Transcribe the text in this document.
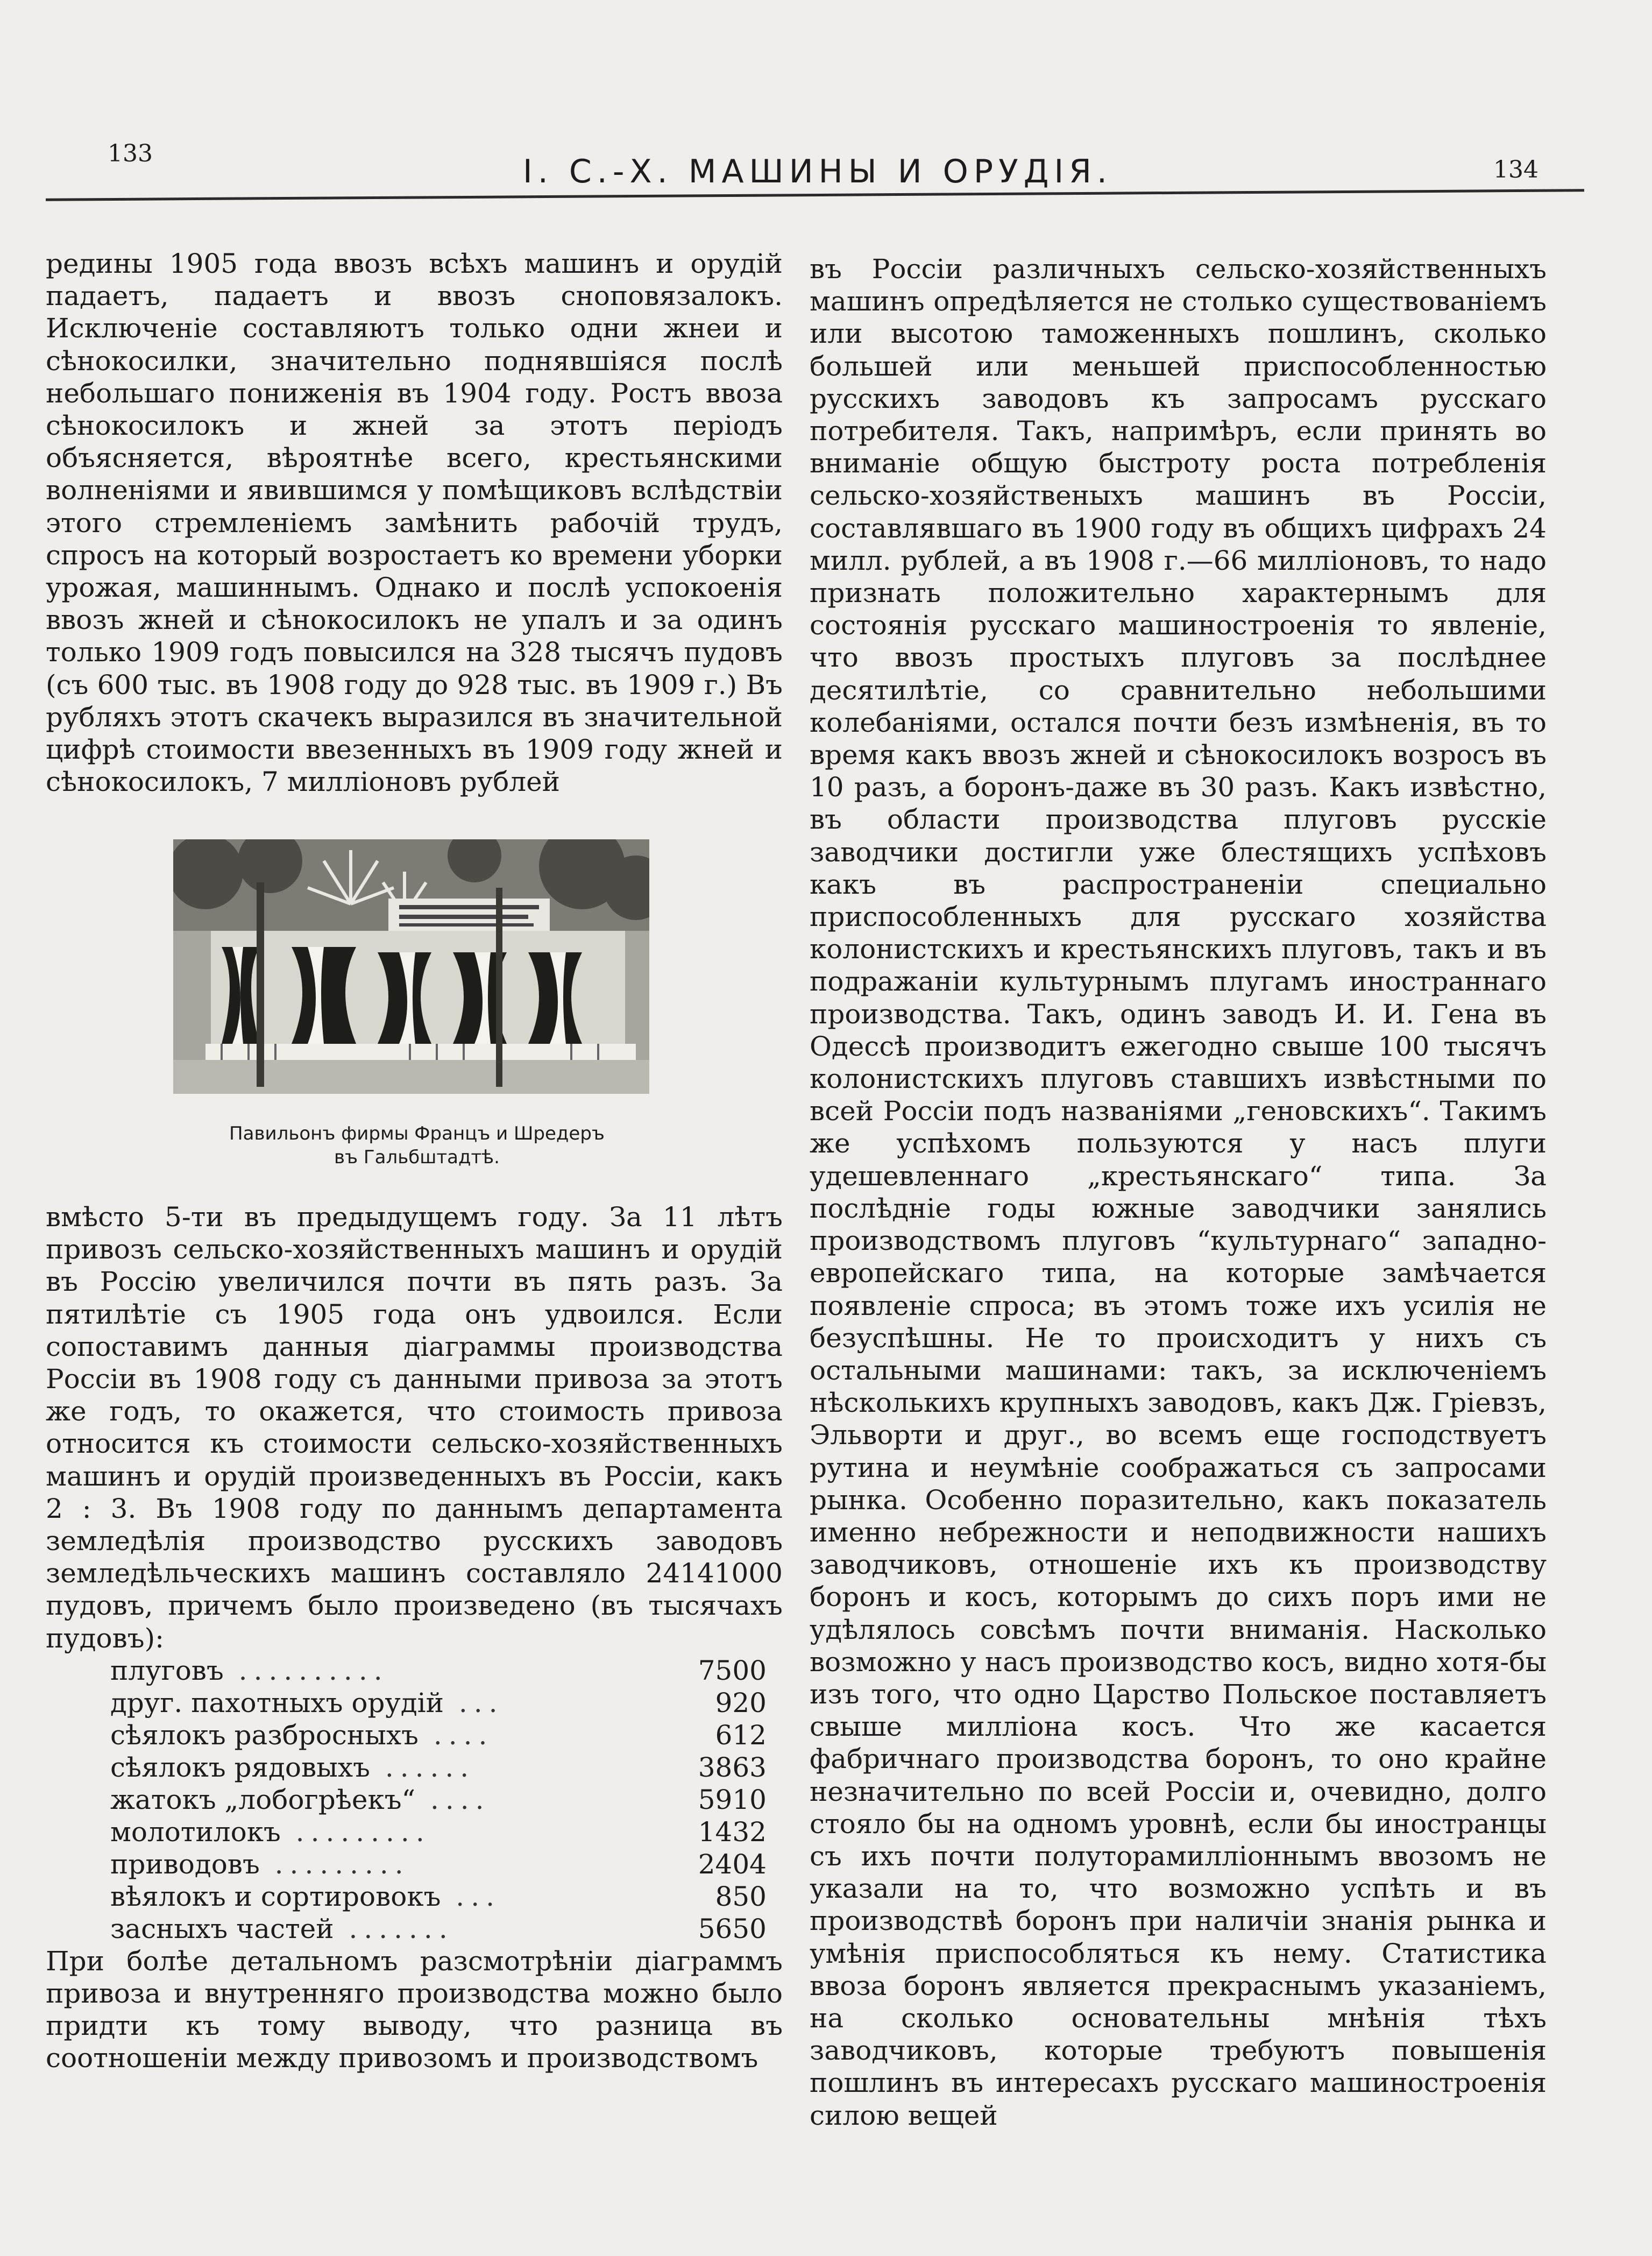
133	I. С.-Х. МАШИНЫ И ОРУДІЯ.	134

редины 1905 года ввозъ всѣхъ машинъ и орудій падаетъ, падаетъ и ввозъ сноповязалокъ. Исключеніе составляютъ только одни жнеи и сѣнокосилки, значительно поднявшіяся послѣ небольшаго пониженія въ 1904 году. Ростъ ввоза сѣнокосилокъ и жней за этотъ періодъ объясняется, вѣроятнѣе всего, крестьянскими волненіями и явившимся у помѣщиковъ вслѣдствіи этого стремленіемъ замѣнить рабочій трудъ, спросъ на который возростаетъ ко времени уборки урожая, машиннымъ. Однако и послѣ успокоенія ввозъ жней и сѣнокосилокъ не упалъ и за одинъ только 1909 годъ повысился на 328 тысячъ пудовъ (съ 600 тыс. въ 1908 году до 928 тыс. въ 1909 г.) Въ рубляхъ этотъ скачекъ выразился въ значительной цифрѣ стоимости ввезенныхъ въ 1909 году жней и сѣнокосилокъ, 7 милліоновъ рублей

Павильонъ фирмы Францъ и Шредеръ
въ Гальбштадтѣ.

вмѣсто 5-ти въ предыдущемъ году. За 11 лѣтъ привозъ сельско-хозяйственныхъ машинъ и орудій въ Россію увеличился почти въ пять разъ. За пятилѣтіе съ 1905 года онъ удвоился. Если сопоставимъ данныя діаграммы производства Россіи въ 1908 году съ данными привоза за этотъ же годъ, то окажется, что стоимость привоза относится къ стоимости сельско-хозяйственныхъ машинъ и орудій произведенныхъ въ Россіи, какъ 2 : 3. Въ 1908 году по даннымъ департамента земледѣлія производство русскихъ заводовъ земледѣльческихъ машинъ составляло 24141000 пудовъ, причемъ было произведено (въ тысячахъ пудовъ):

плуговъ ..........	7500
друг. пахотныхъ орудій ...	920
сѣялокъ разбросныхъ ....	612
сѣялокъ рядовыхъ ......	3863
жатокъ „лобогрѣекъ“ ....	5910
молотилокъ .........	1432
приводовъ .........	2404
вѣялокъ и сортировокъ ...	850
засныхъ частей .......	5650

При болѣе детальномъ разсмотрѣніи діаграммъ привоза и внутренняго производства можно было придти къ тому выводу, что разница въ соотношеніи между привозомъ и производствомъ

въ Россіи различныхъ сельско-хозяйственныхъ машинъ опредѣляется не столько существованіемъ или высотою таможенныхъ пошлинъ, сколько большей или меньшей приспособленностью русскихъ заводовъ къ запросамъ русскаго потребителя. Такъ, напримѣръ, если принять во вниманіе общую быстроту роста потребленія сельско-хозяйственыхъ машинъ въ Россіи, составлявшаго въ 1900 году въ общихъ цифрахъ 24 милл. рублей, а въ 1908 г.—66 милліоновъ, то надо признать положительно характернымъ для состоянія русскаго машиностроенія то явленіе, что ввозъ простыхъ плуговъ за послѣднее десятилѣтіе, со сравнительно небольшими колебаніями, остался почти безъ измѣненія, въ то время какъ ввозъ жней и сѣнокосилокъ возросъ въ 10 разъ, а боронъ-даже въ 30 разъ. Какъ извѣстно, въ области производства плуговъ русскіе заводчики достигли уже блестящихъ успѣховъ какъ въ распространеніи специально приспособленныхъ для русскаго хозяйства колонистскихъ и крестьянскихъ плуговъ, такъ и въ подражаніи культурнымъ плугамъ иностраннаго производства. Такъ, одинъ заводъ И. И. Гена въ Одессѣ производитъ ежегодно свыше 100 тысячъ колонистскихъ плуговъ ставшихъ извѣстными по всей Россіи подъ названіями „геновскихъ“. Такимъ же успѣхомъ пользуются у насъ плуги удешевленнаго „крестьянскаго“ типа. За послѣдніе годы южные заводчики занялись производствомъ плуговъ “культурнаго“ западно-европейскаго типа, на которые замѣчается появленіе спроса; въ этомъ тоже ихъ усилія не безуспѣшны. Не то происходитъ у нихъ съ остальными машинами: такъ, за исключеніемъ нѣсколькихъ крупныхъ заводовъ, какъ Дж. Гріевзъ, Эльворти и друг., во всемъ еще господствуетъ рутина и неумѣніе соображаться съ запросами рынка. Особенно поразительно, какъ показатель именно небрежности и неподвижности нашихъ заводчиковъ, отношеніе ихъ къ производству боронъ и косъ, которымъ до сихъ поръ ими не удѣлялось совсѣмъ почти вниманія. Насколько возможно у насъ производство косъ, видно хотя-бы изъ того, что одно Царство Польское поставляетъ свыше милліона косъ. Что же касается фабричнаго производства боронъ, то оно крайне незначительно по всей Россіи и, очевидно, долго стояло бы на одномъ уровнѣ, если бы иностранцы съ ихъ почти полуторамилліоннымъ ввозомъ не указали на то, что возможно успѣть и въ производствѣ боронъ при наличіи знанія рынка и умѣнія приспособляться къ нему. Статистика ввоза боронъ является прекраснымъ указаніемъ, на сколько основательны мнѣнія тѣхъ заводчиковъ, которые требуютъ повышенія пошлинъ въ интересахъ русскаго машиностроенія силою вещей
